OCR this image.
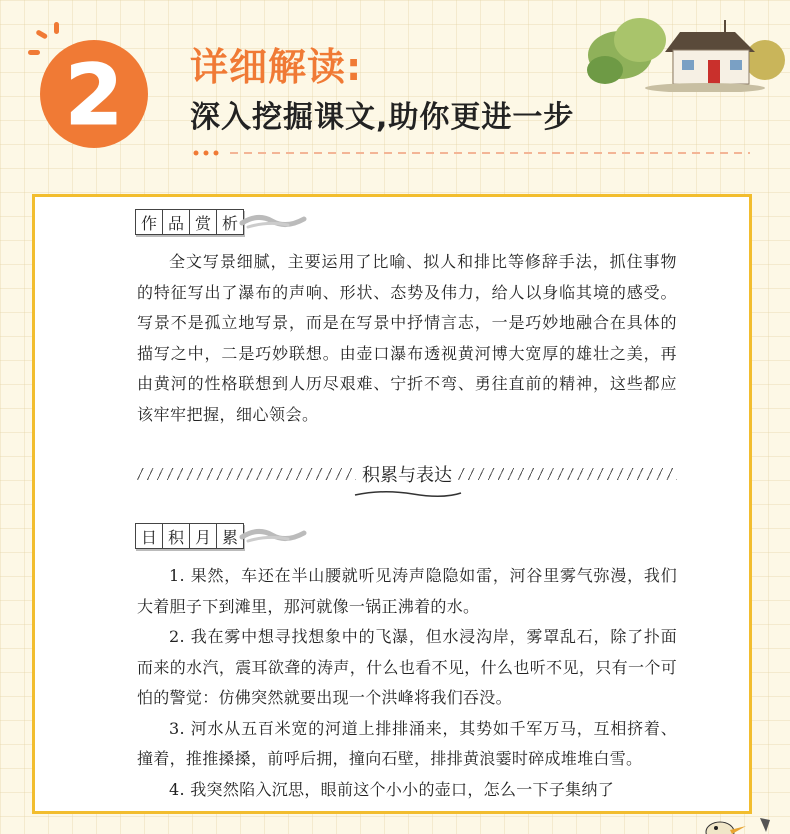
2 详细解读:
深入挖掘课文,助你更进一步
作 品 赏 析

全文写景细腻，主要运用了比喻、拟人和排比等修辞手法，抓住事物的特征写出了瀑布的声响、形状、态势及伟力，给人以身临其境的感受。写景不是孤立地写景，而是在写景中抒情言志，一是巧妙地融合在具体的描写之中，二是巧妙联想。由壶口瀑布透视黄河博大宽厚的雄壮之美，再由黄河的性格联想到人历尽艰难、宁折不弯、勇往直前的精神，这些都应该牢牢把握，细心领会。

积累与表达
日 积 月 累

1. 果然，车还在半山腰就听见涛声隐隐如雷，河谷里雾气弥漫，我们大着胆子下到滩里，那河就像一锅正沸着的水。

2. 我在雾中想寻找想象中的飞瀑，但水浸沟岸，雾罩乱石，除了扑面而来的水汽，震耳欲聋的涛声，什么也看不见，什么也听不见，只有一个可怕的警觉：仿佛突然就要出现一个洪峰将我们吞没。

3. 河水从五百米宽的河道上排排涌来，其势如千军万马，互相挤着、撞着，推推搡搡，前呼后拥，撞向石壁，排排黄浪霎时碎成堆堆白雪。

4. 我突然陷入沉思，眼前这个小小的壶口，怎么一下子集纳了
